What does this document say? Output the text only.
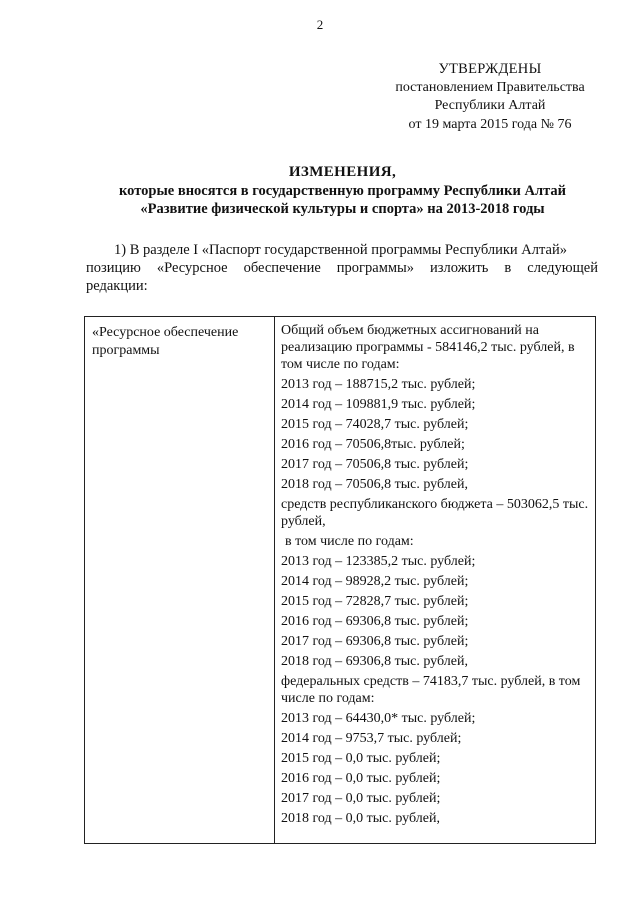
2
УТВЕРЖДЕНЫ
постановлением Правительства
Республики Алтай
от 19 марта 2015 года № 76
ИЗМЕНЕНИЯ,
которые вносятся в государственную программу Республики Алтай
«Развитие физической культуры и спорта» на 2013-2018 годы
1) В разделе I «Паспорт государственной программы Республики Алтай»
позицию «Ресурсное обеспечение программы» изложить в следующей
редакции:
«Ресурсное обеспечение
программы
Общий объем бюджетных ассигнований на реализацию программы - 584146,2 тыс. рублей, в том числе по годам:
2013 год – 188715,2 тыс. рублей;
2014 год – 109881,9 тыс. рублей;
2015 год – 74028,7 тыс. рублей;
2016 год – 70506,8тыс. рублей;
2017 год – 70506,8 тыс. рублей;
2018 год – 70506,8 тыс. рублей,
средств республиканского бюджета – 503062,5 тыс. рублей,
в том числе по годам:
2013 год – 123385,2 тыс. рублей;
2014 год – 98928,2 тыс. рублей;
2015 год – 72828,7 тыс. рублей;
2016 год – 69306,8 тыс. рублей;
2017 год – 69306,8 тыс. рублей;
2018 год – 69306,8 тыс. рублей,
федеральных средств – 74183,7 тыс. рублей, в том числе по годам:
2013 год – 64430,0* тыс. рублей;
2014 год – 9753,7 тыс. рублей;
2015 год – 0,0 тыс. рублей;
2016 год – 0,0 тыс. рублей;
2017 год – 0,0 тыс. рублей;
2018 год – 0,0 тыс. рублей,
